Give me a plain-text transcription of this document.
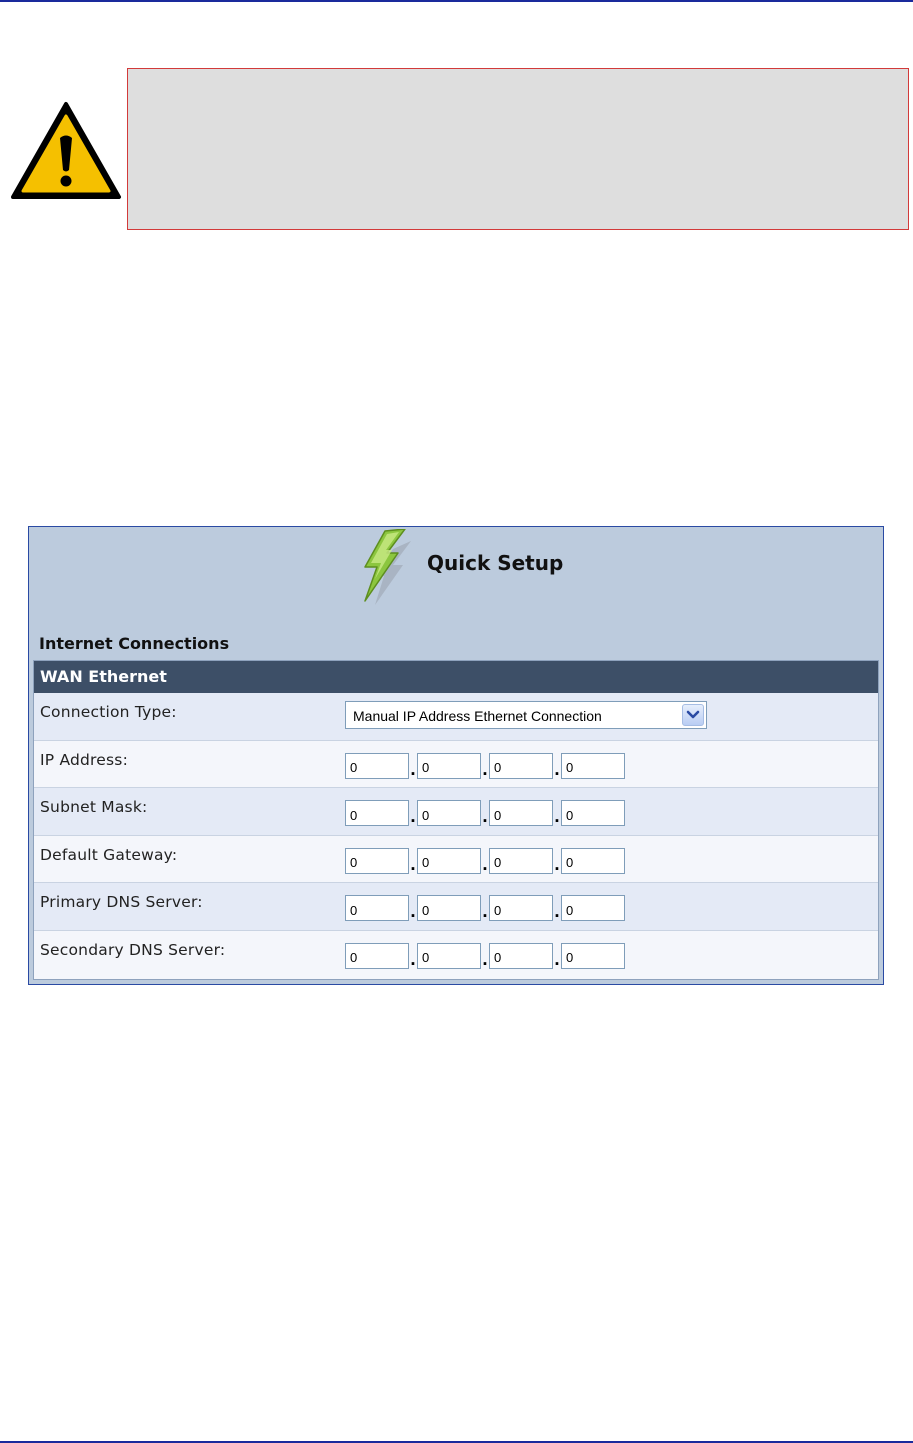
Quick Setup
Internet Connections
WAN Ethernet
Connection Type:	Manual IP Address Ethernet Connection
IP Address:
0.0	.0	.0
Subnet Mask:
0.0	.0	.0
Default Gateway:
0.0	.0	.0
Primary DNS Server:
0.0	.0	.0
Secondary DNS Server:
0.0	.0	.0
